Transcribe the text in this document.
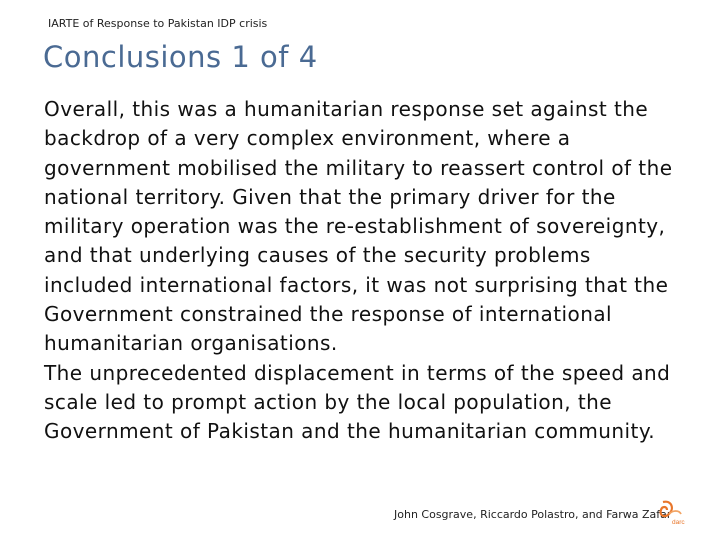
IARTE of Response to Pakistan IDP crisis
Conclusions 1 of 4

Overall, this was a humanitarian response set against the backdrop of a very complex environment, where a government mobilised the military to reassert control of the national territory. Given that the primary driver for the military operation was the re-establishment of sovereignty, and that underlying causes of the security problems included international factors, it was not surprising that the Government constrained the response of international humanitarian organisations.

The unprecedented displacement in terms of the speed and scale led to prompt action by the local population, the Government of Pakistan and the humanitarian community.

John Cosgrave, Riccardo Polastro, and Farwa Zafar
darc
